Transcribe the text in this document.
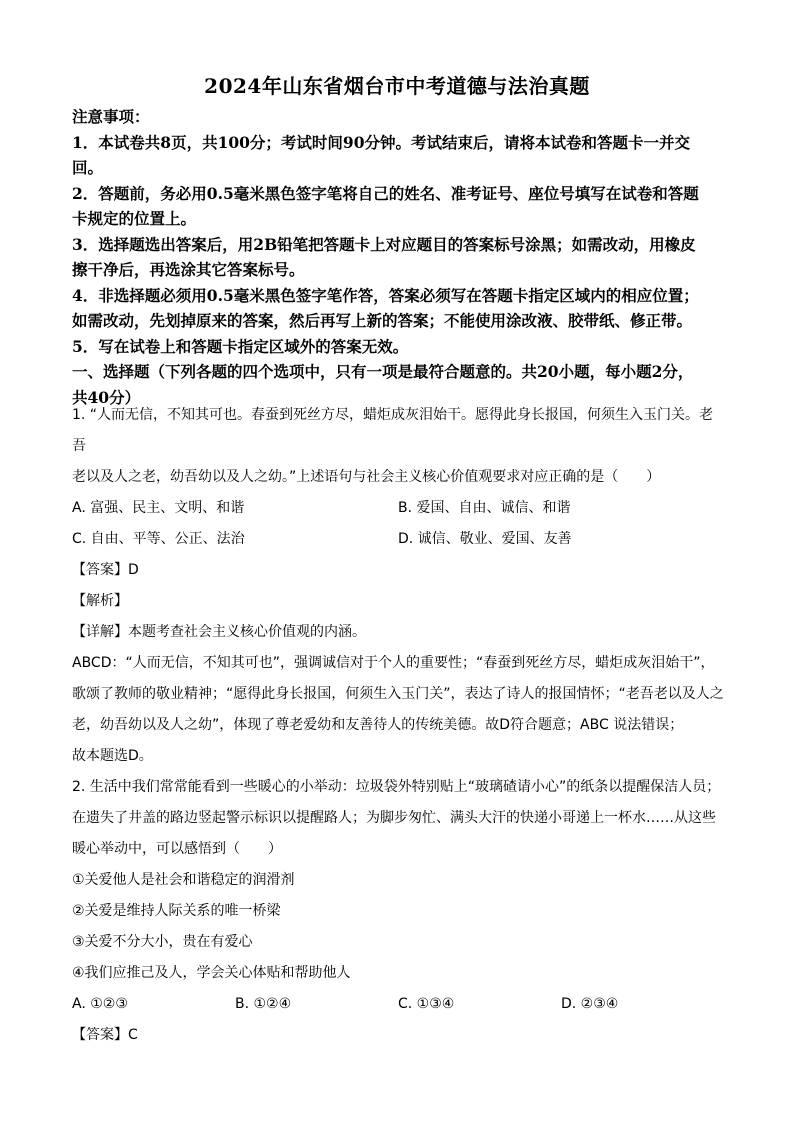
2024年山东省烟台市中考道德与法治真题

注意事项：

1．本试卷共8页，共100分；考试时间90分钟。考试结束后，请将本试卷和答题卡一并交

回。

2．答题前，务必用0.5毫米黑色签字笔将自己的姓名、准考证号、座位号填写在试卷和答题

卡规定的位置上。

3．选择题选出答案后，用2B铅笔把答题卡上对应题目的答案标号涂黑；如需改动，用橡皮

擦干净后，再选涂其它答案标号。

4．非选择题必须用0.5毫米黑色签字笔作答，答案必须写在答题卡指定区域内的相应位置；

如需改动，先划掉原来的答案，然后再写上新的答案；不能使用涂改液、胶带纸、修正带。

5．写在试卷上和答题卡指定区域外的答案无效。

一、选择题（下列各题的四个选项中，只有一项是最符合题意的。共20小题，每小题2分，

共40分）

1. “人而无信，不知其可也。春蚕到死丝方尽，蜡炬成灰泪始干。愿得此身长报国，何须生入玉门关。老吾

老以及人之老，幼吾幼以及人之幼。”上述语句与社会主义核心价值观要求对应正确的是（　　）

A. 富强、民主、文明、和谐	B. 爱国、自由、诚信、和谐
C. 自由、平等、公正、法治	D. 诚信、敬业、爱国、友善

【答案】D

【解析】

【详解】本题考查社会主义核心价值观的内涵。

ABCD：“人而无信，不知其可也”，强调诚信对于个人的重要性；“春蚕到死丝方尽，蜡炬成灰泪始干”，

歌颂了教师的敬业精神；“愿得此身长报国，何须生入玉门关”，表达了诗人的报国情怀；“老吾老以及人之

老，幼吾幼以及人之幼”，体现了尊老爱幼和友善待人的传统美德。故D符合题意；ABC 说法错误；

故本题选D。

2. 生活中我们常常能看到一些暖心的小举动：垃圾袋外特别贴上“玻璃碴请小心”的纸条以提醒保洁人员；

在遗失了井盖的路边竖起警示标识以提醒路人；为脚步匆忙、满头大汗的快递小哥递上一杯水……从这些

暖心举动中，可以感悟到（　　）

①关爱他人是社会和谐稳定的润滑剂

②关爱是维持人际关系的唯一桥梁

③关爱不分大小，贵在有爱心

④我们应推己及人，学会关心体贴和帮助他人

A. ①②③	B. ①②④	C. ①③④	D. ②③④

【答案】C
